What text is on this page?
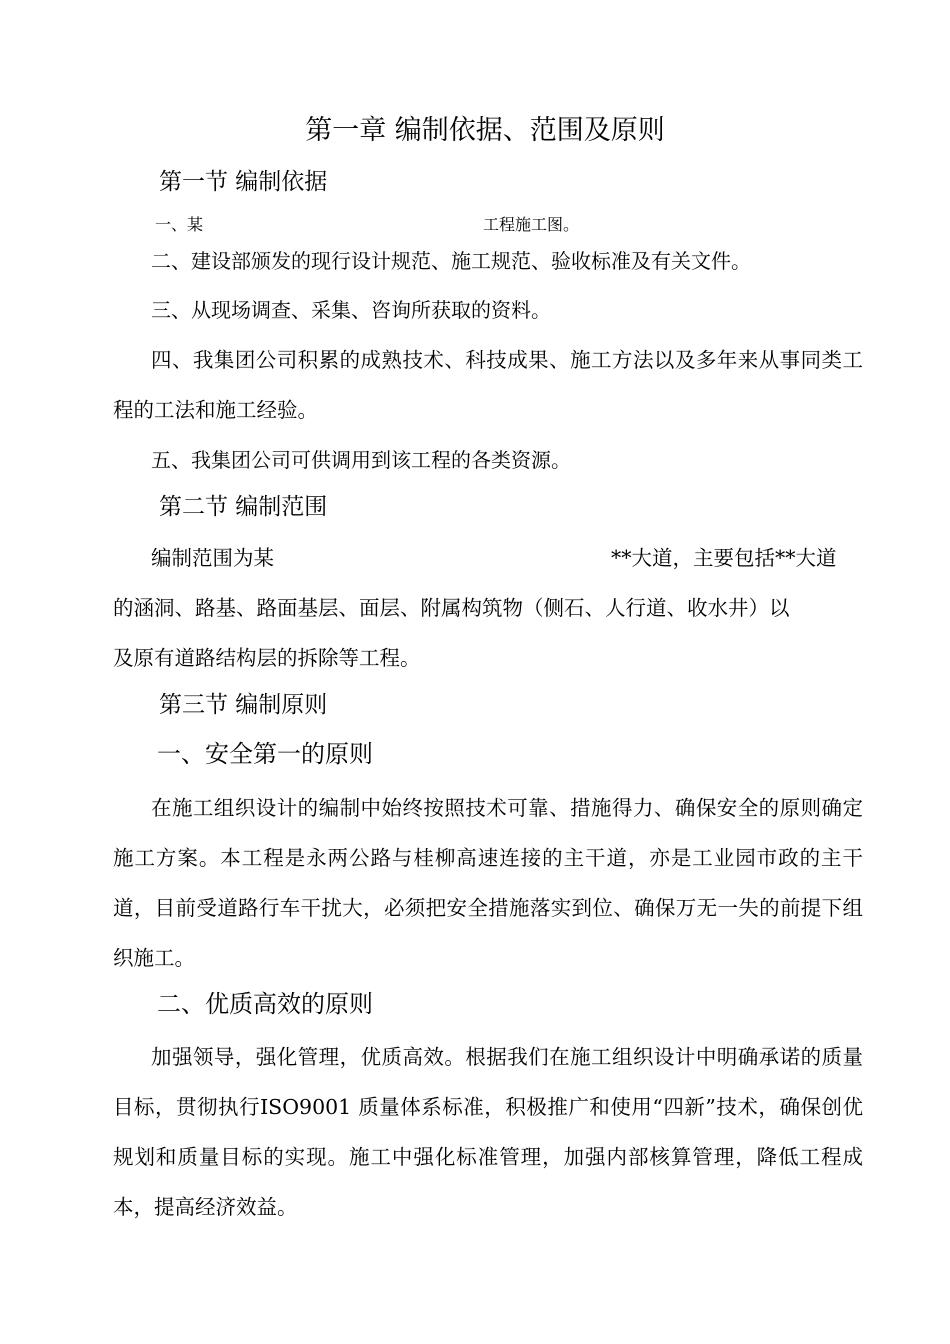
第一章 编制依据、范围及原则
第一节 编制依据
一、某	工程施工图。
二、建设部颁发的现行设计规范、施工规范、验收标准及有关文件。
三、从现场调查、采集、咨询所获取的资料。
四、我集团公司积累的成熟技术、科技成果、施工方法以及多年来从事同类工程的工法和施工经验。
五、我集团公司可供调用到该工程的各类资源。
第二节 编制范围
编制范围为某	**大道，主要包括**大道
的涵洞、路基、路面基层、面层、附属构筑物（侧石、人行道、收水井）以
及原有道路结构层的拆除等工程。
第三节 编制原则
一、安全第一的原则
在施工组织设计的编制中始终按照技术可靠、措施得力、确保安全的原则确定施工方案。本工程是永两公路与桂柳高速连接的主干道，亦是工业园市政的主干道，目前受道路行车干扰大，必须把安全措施落实到位、确保万无一失的前提下组织施工。
二、优质高效的原则
加强领导，强化管理，优质高效。根据我们在施工组织设计中明确承诺的质量目标，贯彻执行ISO9001 质量体系标准，积极推广和使用“四新”技术，确保创优规划和质量目标的实现。施工中强化标准管理，加强内部核算管理，降低工程成本，提高经济效益。
